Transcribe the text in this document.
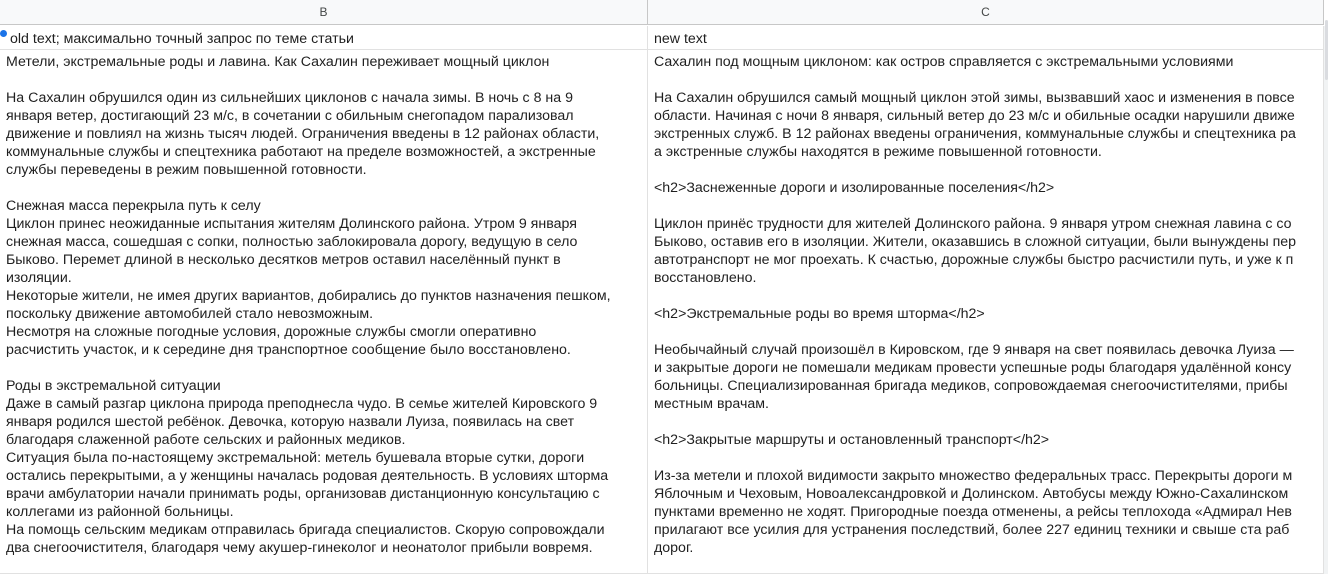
B	C
old text; максимально точный запрос по теме статьи	new text
Метели, экстремальные роды и лавина. Как Сахалин переживает мощный циклон
На Сахалин обрушился один из сильнейших циклонов с начала зимы. В ночь с 8 на 9
января ветер, достигающий 23 м/с, в сочетании с обильным снегопадом парализовал
движение и повлиял на жизнь тысяч людей. Ограничения введены в 12 районах области,
коммунальные службы и спецтехника работают на пределе возможностей, а экстренные
службы переведены в режим повышенной готовности.
Снежная масса перекрыла путь к селу
Циклон принес неожиданные испытания жителям Долинского района. Утром 9 января
снежная масса, сошедшая с сопки, полностью заблокировала дорогу, ведущую в село
Быково. Перемет длиной в несколько десятков метров оставил населённый пункт в
изоляции.
Некоторые жители, не имея других вариантов, добирались до пунктов назначения пешком,
поскольку движение автомобилей стало невозможным.
Несмотря на сложные погодные условия, дорожные службы смогли оперативно
расчистить участок, и к середине дня транспортное сообщение было восстановлено.
Роды в экстремальной ситуации
Даже в самый разгар циклона природа преподнесла чудо. В семье жителей Кировского 9
января родился шестой ребёнок. Девочка, которую назвали Луиза, появилась на свет
благодаря слаженной работе сельских и районных медиков.
Ситуация была по-настоящему экстремальной: метель бушевала вторые сутки, дороги
остались перекрытыми, а у женщины началась родовая деятельность. В условиях шторма
врачи амбулатории начали принимать роды, организовав дистанционную консультацию с
коллегами из районной больницы.
На помощь сельским медикам отправилась бригада специалистов. Скорую сопровождали
два снегоочистителя, благодаря чему акушер-гинеколог и неонатолог прибыли вовремя.
Сахалин под мощным циклоном: как остров справляется с экстремальными условиями
На Сахалин обрушился самый мощный циклон этой зимы, вызвавший хаос и изменения в повсе
области. Начиная с ночи 8 января, сильный ветер до 23 м/с и обильные осадки нарушили движе
экстренных служб. В 12 районах введены ограничения, коммунальные службы и спецтехника ра
а экстренные службы находятся в режиме повышенной готовности.
<h2>Заснеженные дороги и изолированные поселения</h2>
Циклон принёс трудности для жителей Долинского района. 9 января утром снежная лавина с со
Быково, оставив его в изоляции. Жители, оказавшись в сложной ситуации, были вынуждены пер
автотранспорт не мог проехать. К счастью, дорожные службы быстро расчистили путь, и уже к п
восстановлено.
<h2>Экстремальные роды во время шторма</h2>
Необычайный случай произошёл в Кировском, где 9 января на свет появилась девочка Луиза —
и закрытые дороги не помешали медикам провести успешные роды благодаря удалённой консу
больницы. Специализированная бригада медиков, сопровождаемая снегоочистителями, прибы
местным врачам.
<h2>Закрытые маршруты и остановленный транспорт</h2>
Из-за метели и плохой видимости закрыто множество федеральных трасс. Перекрыты дороги м
Яблочным и Чеховым, Новоалександровкой и Долинском. Автобусы между Южно-Сахалинском
пунктами временно не ходят. Пригородные поезда отменены, а рейсы теплохода «Адмирал Нев
прилагают все усилия для устранения последствий, более 227 единиц техники и свыше ста раб
дорог.
